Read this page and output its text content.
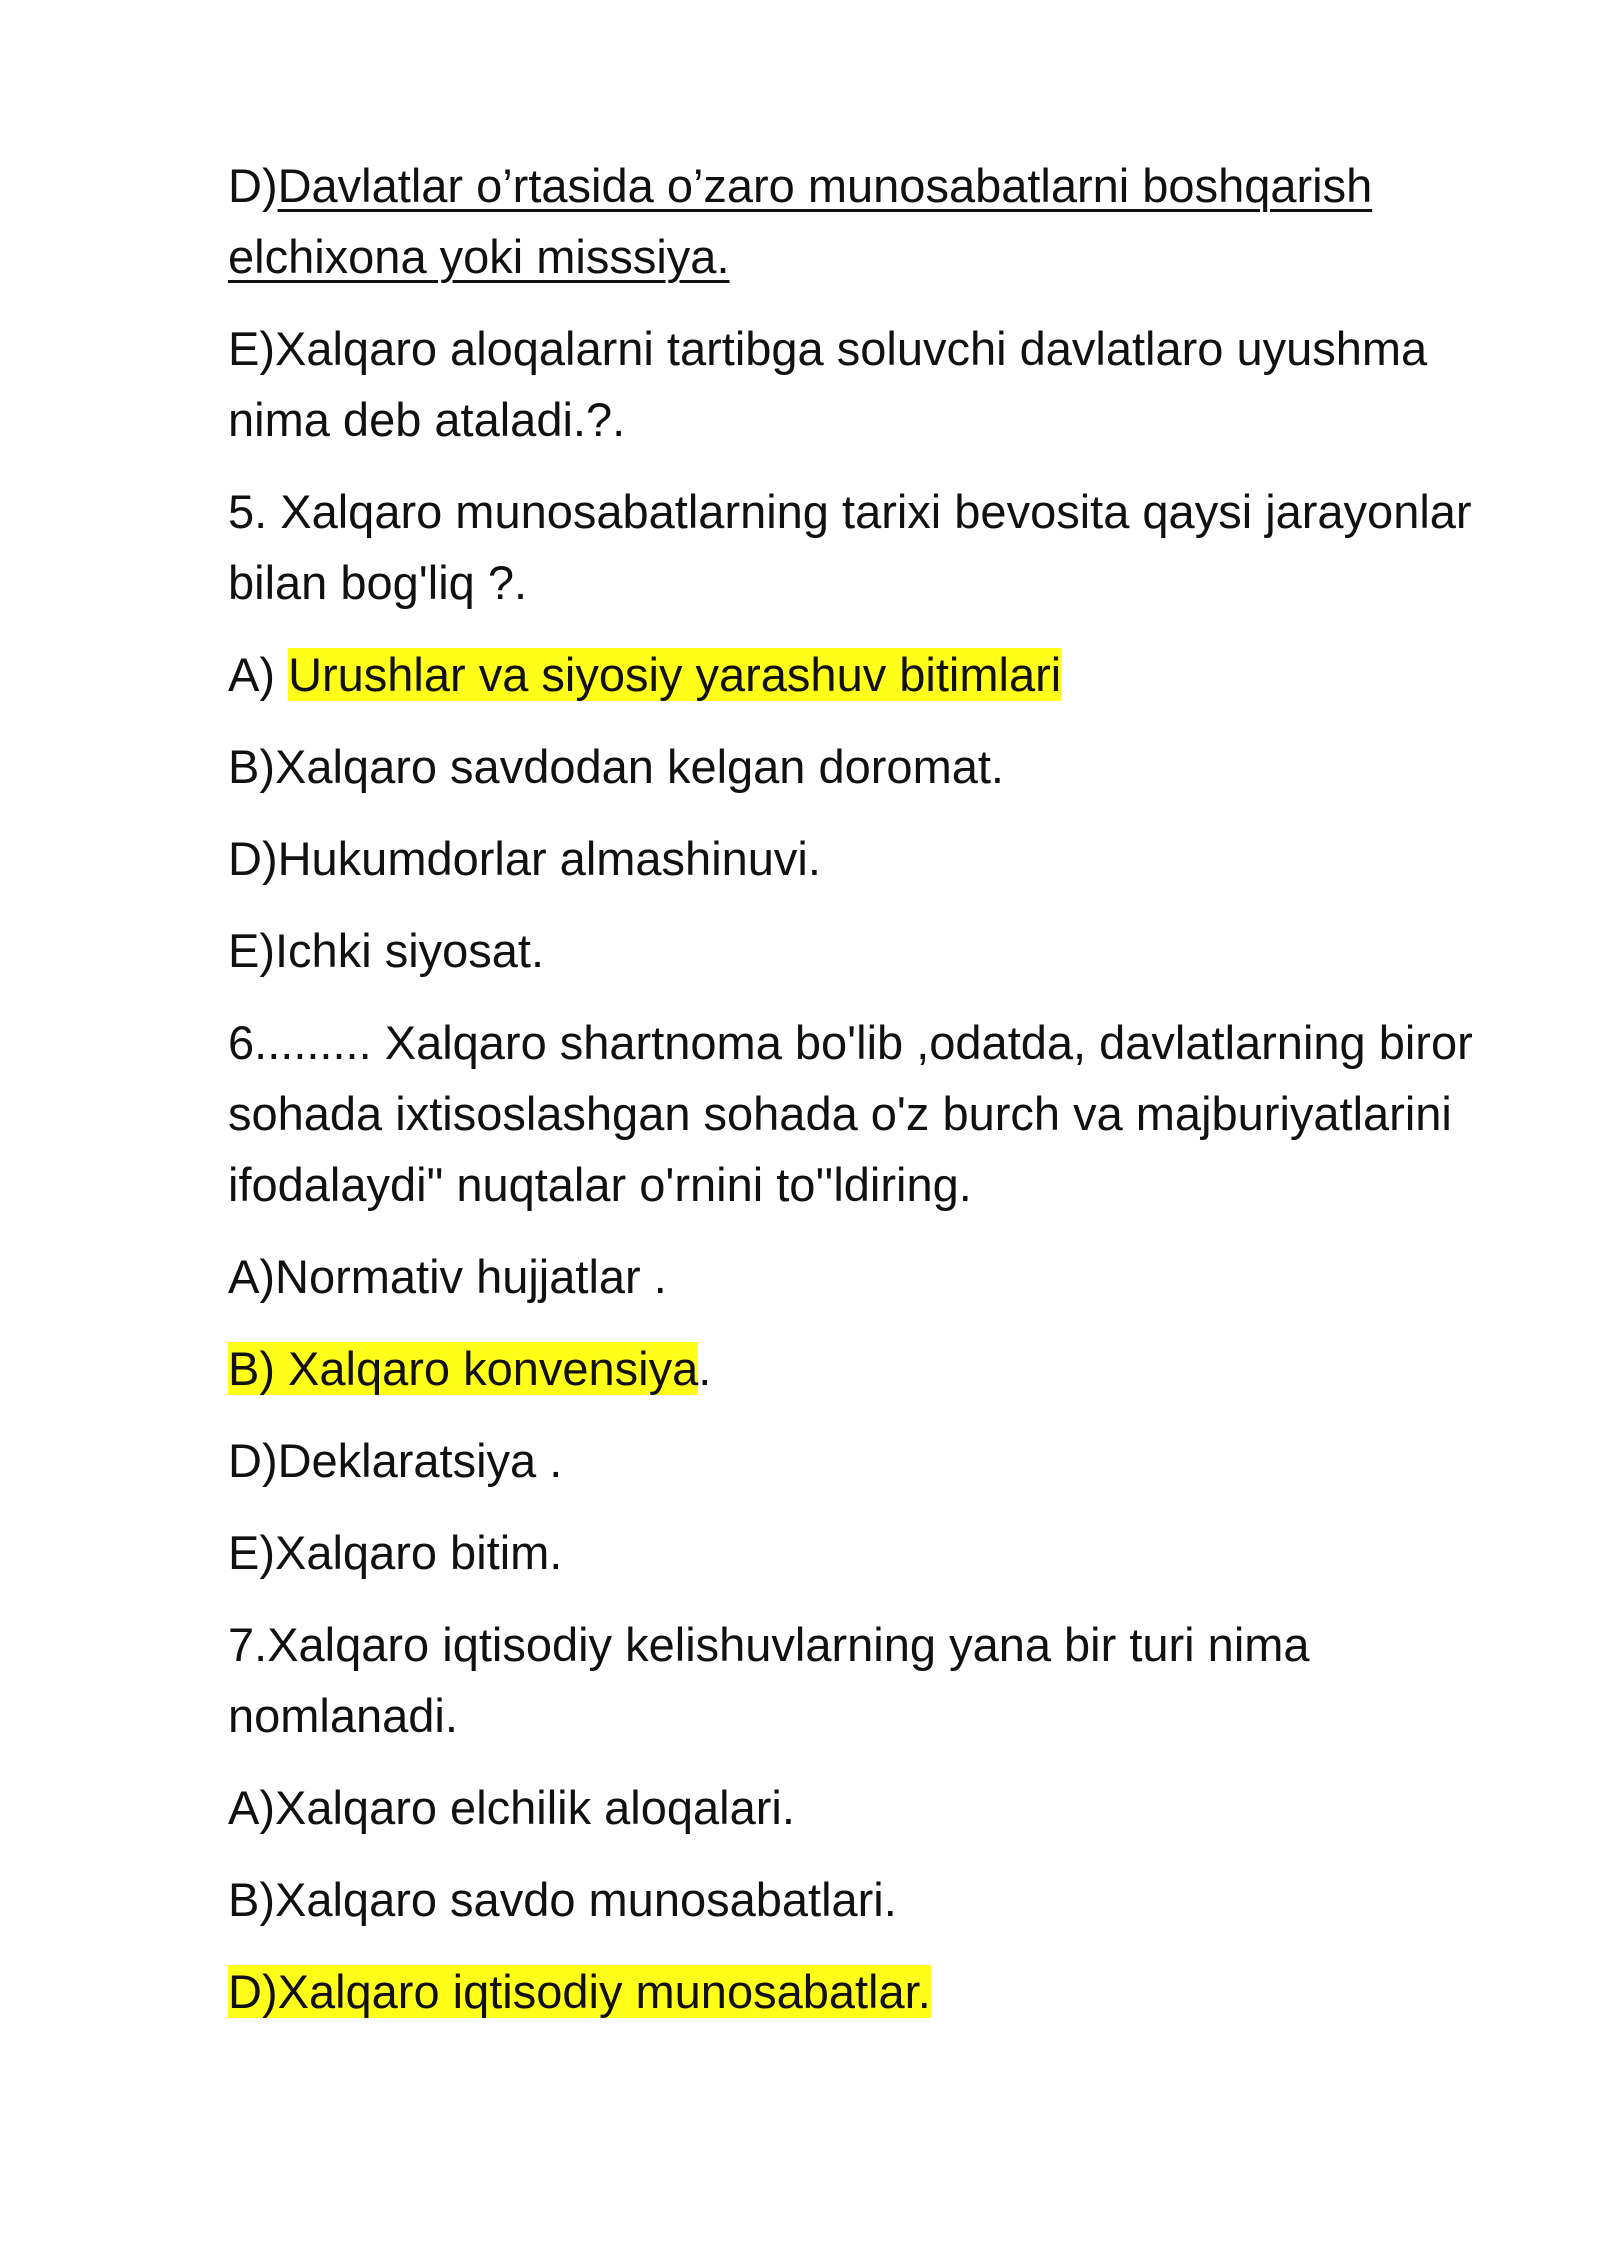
D)Davlatlar o’rtasida o’zaro munosabatlarni boshqarish elchixona yoki misssiya.

E)Xalqaro aloqalarni tartibga soluvchi davlatlaro uyushma nima deb ataladi.?.

5. Xalqaro munosabatlarning tarixi bevosita qaysi jarayonlar bilan bog'liq ?.

A) Urushlar va siyosiy yarashuv bitimlari

B)Xalqaro savdodan kelgan doromat.

D)Hukumdorlar almashinuvi.

E)Ichki siyosat.

6......... Xalqaro shartnoma bo'lib ,odatda, davlatlarning biror sohada ixtisoslashgan sohada o'z burch va majburiyatlarini ifodalaydi" nuqtalar o'rnini to''ldiring.

A)Normativ hujjatlar .

B) Xalqaro konvensiya.

D)Deklaratsiya .

E)Xalqaro bitim.

7.Xalqaro iqtisodiy kelishuvlarning yana bir turi nima nomlanadi.

A)Xalqaro elchilik aloqalari.

B)Xalqaro savdo munosabatlari.

D)Xalqaro iqtisodiy munosabatlar.
